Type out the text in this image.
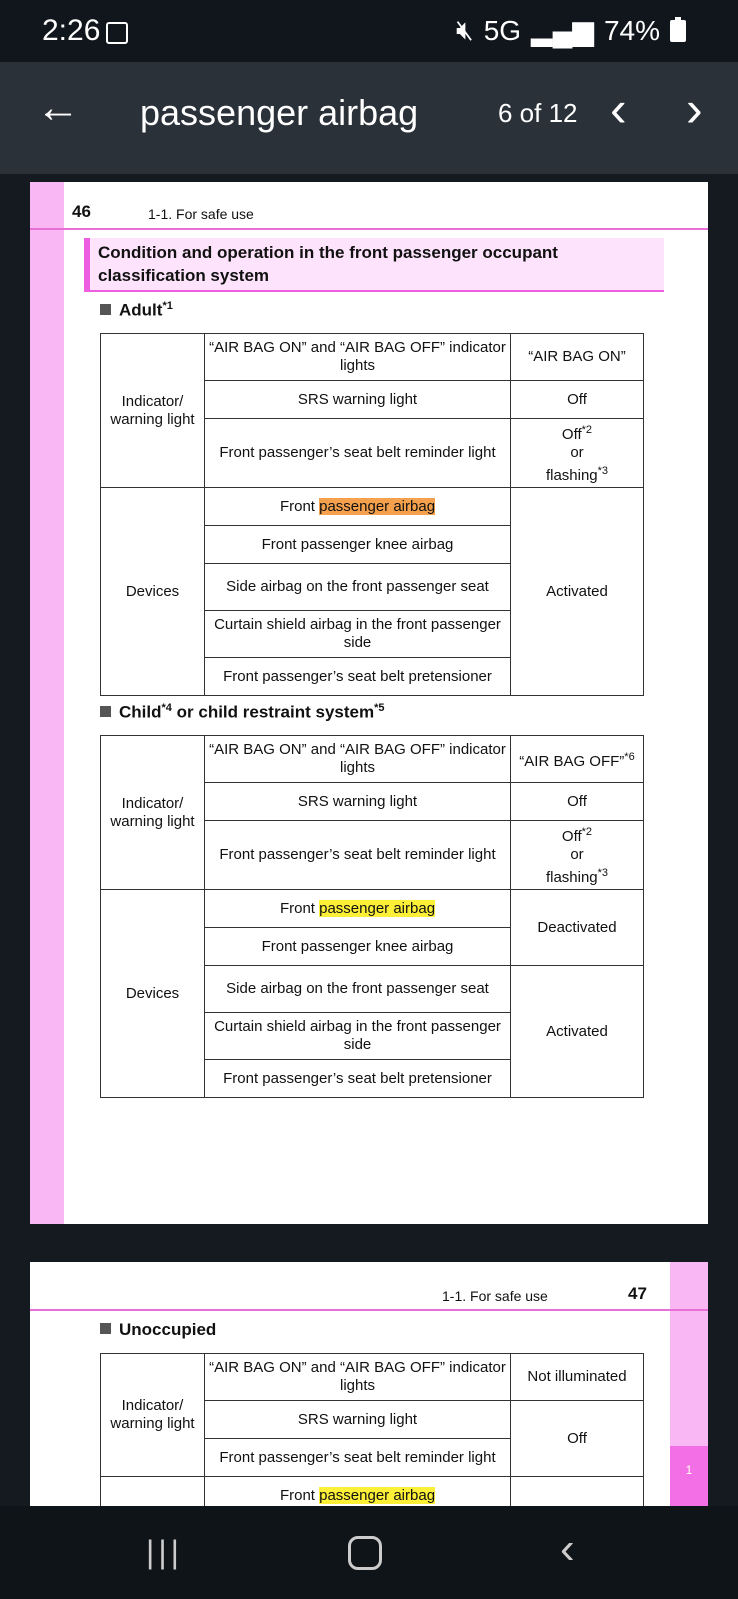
2:26	🔇︎ 5G ▂▄▆ 74%
← passenger airbag	6 of 12 ‹ ›
46	1-1. For safe use
Condition and operation in the front passenger occupant classification system
Adult$^{*1}$
Indicator/ warning light	“AIR BAG ON” and “AIR BAG OFF” indicator lights	“AIR BAG ON”
	SRS warning light	Off
	Front passenger’s seat belt reminder light	Off$^{*2}$
or
flashing$^{*3}$
Devices	Front passenger airbag	Activated
	Front passenger knee airbag	
	Side airbag on the front passenger seat	
	Curtain shield airbag in the front passenger side	
	Front passenger’s seat belt pretensioner	
Child$^{*4}$ or child restraint system$^{*5}$
Indicator/ warning light	“AIR BAG ON” and “AIR BAG OFF” indicator lights	“AIR BAG OFF”$^{*6}$
	SRS warning light	Off
	Front passenger’s seat belt reminder light	Off$^{*2}$
or
flashing$^{*3}$
Devices	Front passenger airbag	Deactivated
	Front passenger knee airbag	
	Side airbag on the front passenger seat	Activated
	Curtain shield airbag in the front passenger side	
	Front passenger’s seat belt pretensioner	
1
1-1. For safe use	47
Unoccupied
Indicator/ warning light	“AIR BAG ON” and “AIR BAG OFF” indicator lights	Not illuminated
	SRS warning light	Off
	Front passenger’s seat belt reminder light	
	Front passenger airbag	
|||	‹
